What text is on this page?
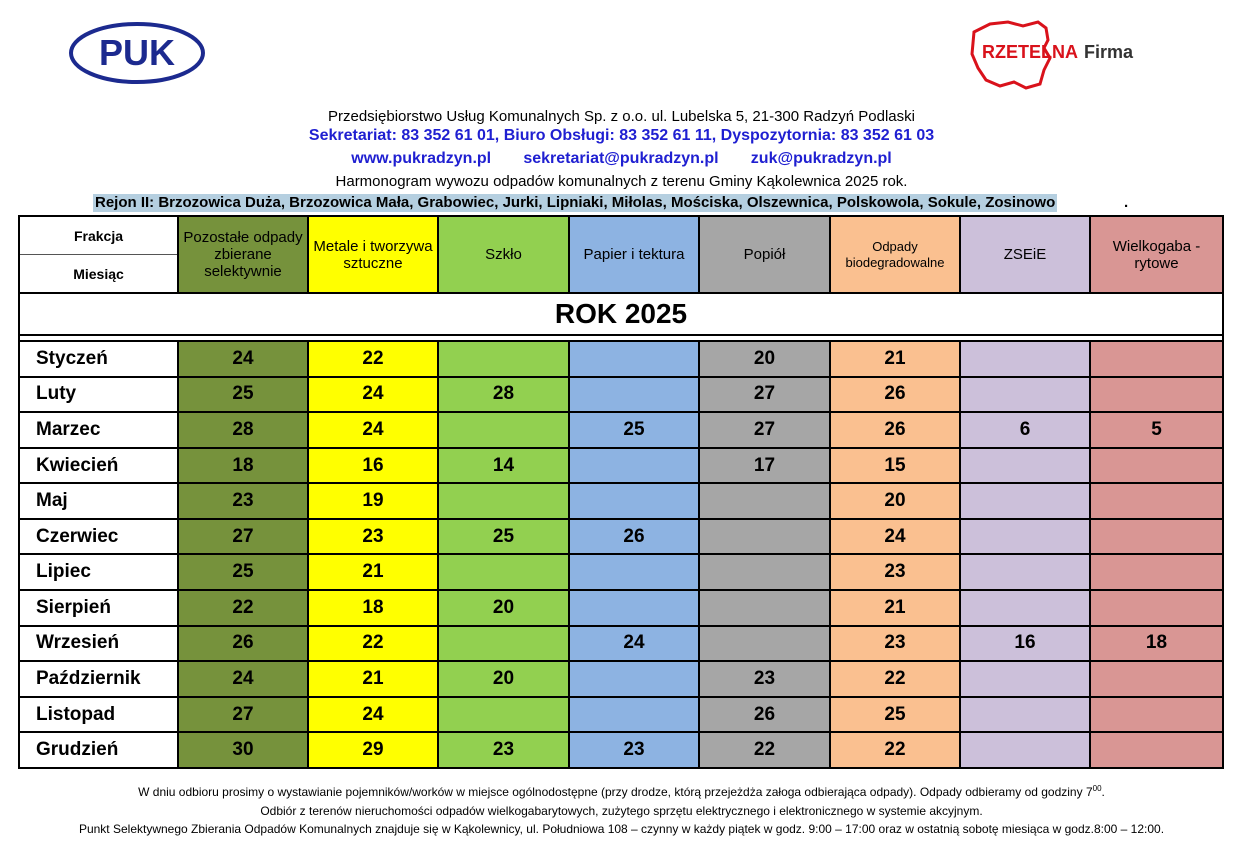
PUK	RZETELNA Firma
Przedsiębiorstwo Usług Komunalnych Sp. z o.o. ul. Lubelska 5, 21-300 Radzyń Podlaski
Sekretariat: 83 352 61 01, Biuro Obsługi: 83 352 61 11, Dyspozytornia: 83 352 61 03
www.pukradzyn.pl     sekretariat@pukradzyn.pl     zuk@pukradzyn.pl
Harmonogram wywozu odpadów komunalnych z terenu Gminy Kąkolewnica 2025 rok.
Rejon II: Brzozowica Duża, Brzozowica Mała, Grabowiec, Jurki, Lipniaki, Miłolas, Mościska, Olszewnica, Polskowola, Sokule, Zosinowo	.
Frakcja
Miesiąc	Pozostałe odpady zbierane selektywnie	Metale i tworzywa sztuczne	Szkło	Papier i tektura	Popiół	Odpady biodegradowalne	ZSEiE	Wielkogaba - rytowe
ROK 2025								

Styczeń	24	22			20	21		
Luty	25	24	28		27	26		
Marzec	28	24		25	27	26	6	5
Kwiecień	18	16	14		17	15		
Maj	23	19				20		
Czerwiec	27	23	25	26		24		
Lipiec	25	21				23		
Sierpień	22	18	20			21		
Wrzesień	26	22		24		23	16	18
Październik	24	21	20		23	22		
Listopad	27	24			26	25		
Grudzień	30	29	23	23	22	22		
W dniu odbioru prosimy o wystawianie pojemników/worków w miejsce ogólnodostępne (przy drodze, którą przejeżdża załoga odbierająca odpady). Odpady odbieramy od godziny $7^{00}$.
Odbiór z terenów nieruchomości odpadów wielkogabarytowych, zużytego sprzętu elektrycznego i elektronicznego w systemie akcyjnym.
Punkt Selektywnego Zbierania Odpadów Komunalnych znajduje się w Kąkolewnicy, ul. Południowa 108 – czynny w każdy piątek w godz. 9:00 – 17:00 oraz w ostatnią sobotę miesiąca w godz.8:00 – 12:00.
